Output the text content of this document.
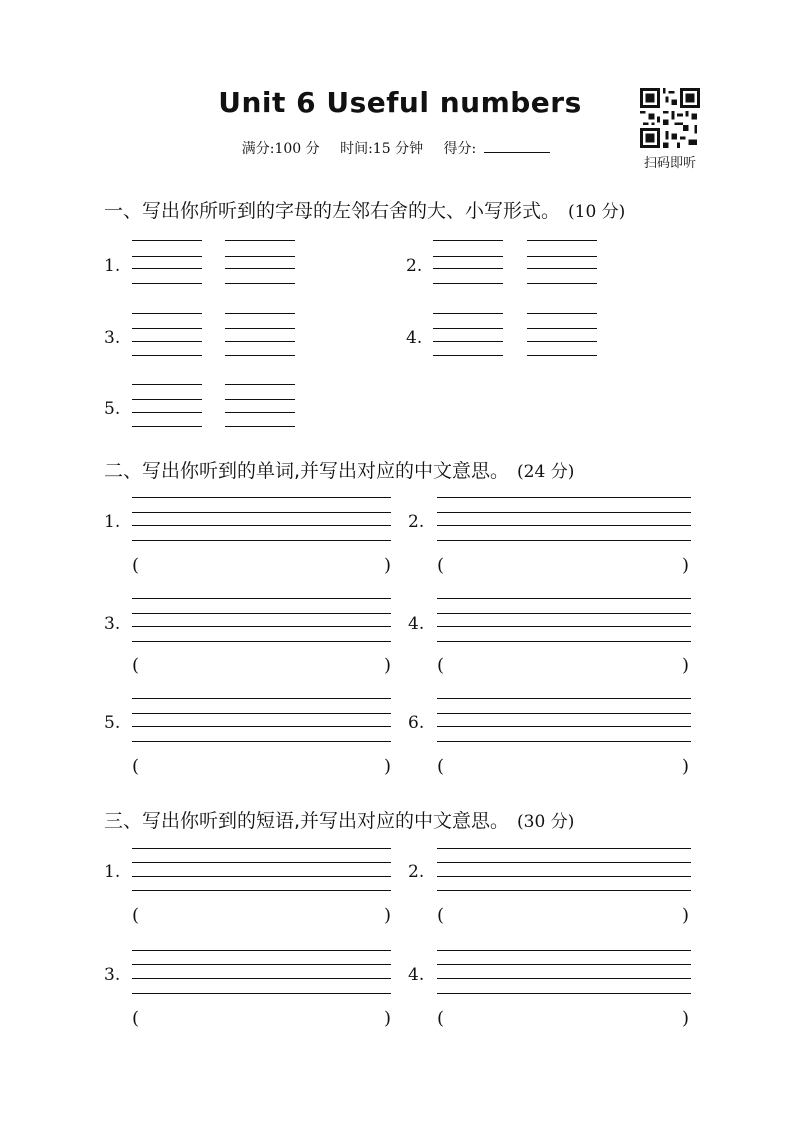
Unit 6 Useful numbers
满分:100 分 时间:15 分钟 得分:
扫码即听
一、写出你所听到的字母的左邻右舍的大、小写形式。 (10 分)
二、写出你听到的单词,并写出对应的中文意思。 (24 分)
三、写出你听到的短语,并写出对应的中文意思。 (30 分)
1.	2.
3.	4.
5.
1.	2.
3.	4.
5.	6.
1.	2.
3.	4.
(	)	(	)
(	)	(	)
(	)	(	)
(	)	(	)
(	)	(	)
